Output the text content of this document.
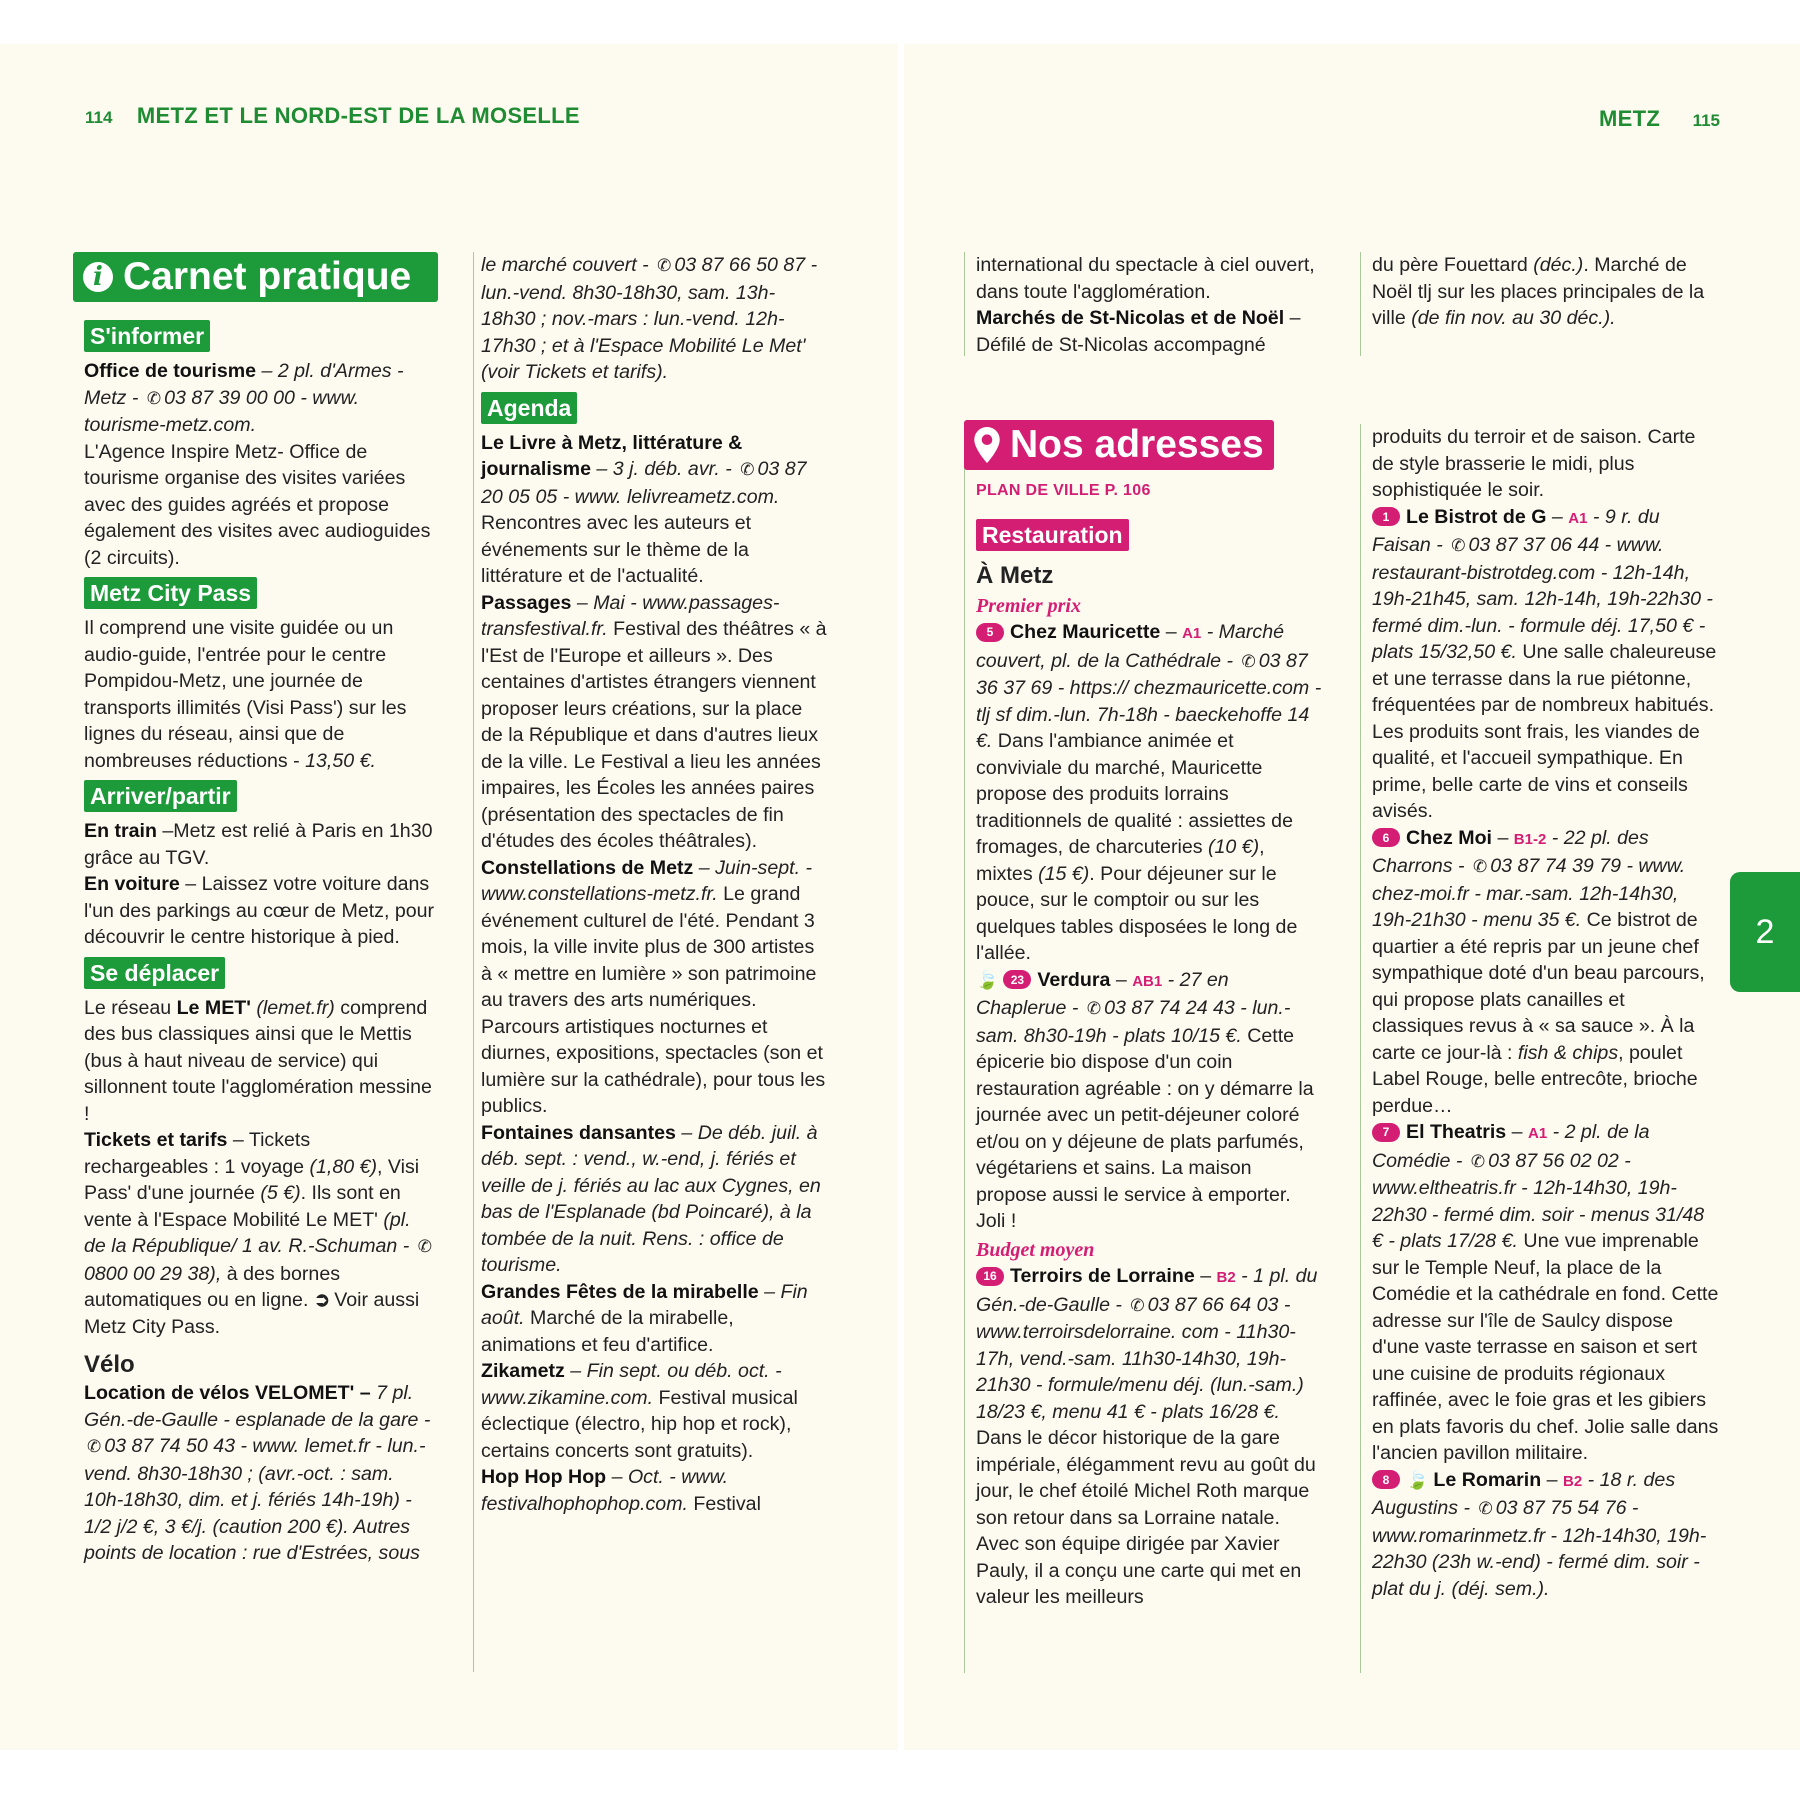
114 METZ ET LE NORD-EST DE LA MOSELLE
i Carnet pratique
S'informer

Office de tourisme – 2 pl. d'Armes - Metz - ✆ 03 87 39 00 00 - www. tourisme-metz.com.

L'Agence Inspire Metz- Office de tourisme organise des visites variées avec des guides agréés et propose également des visites avec audioguides (2 circuits).

Metz City Pass

Il comprend une visite guidée ou un audio-guide, l'entrée pour le centre Pompidou-Metz, une journée de transports illimités (Visi Pass') sur les lignes du réseau, ainsi que de nombreuses réductions - 13,50 €.

Arriver/partir

En train –Metz est relié à Paris en 1h30 grâce au TGV.

En voiture – Laissez votre voiture dans l'un des parkings au cœur de Metz, pour découvrir le centre historique à pied.

Se déplacer

Le réseau Le MET' (lemet.fr) comprend des bus classiques ainsi que le Mettis (bus à haut niveau de service) qui sillonnent toute l'agglomération messine !

Tickets et tarifs – Tickets rechargeables : 1 voyage (1,80 €), Visi Pass' d'une journée (5 €). Ils sont en vente à l'Espace Mobilité Le MET' (pl. de la République/ 1 av. R.-Schuman - ✆0800 00 29 38), à des bornes automatiques ou en ligne. ➲ Voir aussi Metz City Pass.

Vélo

Location de vélos VELOMET' – 7 pl. Gén.-de-Gaulle - esplanade de la gare - ✆ 03 87 74 50 43 - www. lemet.fr - lun.-vend. 8h30-18h30 ; (avr.-oct. : sam. 10h-18h30, dim. et j. fériés 14h-19h) - 1/2 j/2 €, 3 €/j. (caution 200 €). Autres points de location : rue d'Estrées, sous

le marché couvert - ✆ 03 87 66 50 87 - lun.-vend. 8h30-18h30, sam. 13h-18h30 ; nov.-mars : lun.-vend. 12h-17h30 ; et à l'Espace Mobilité Le Met' (voir Tickets et tarifs).

Agenda

Le Livre à Metz, littérature & journalisme – 3 j. déb. avr. - ✆ 03 87 20 05 05 - www. lelivreametz.com. Rencontres avec les auteurs et événements sur le thème de la littérature et de l'actualité.

Passages – Mai - www.passages-transfestival.fr. Festival des théâtres « à l'Est de l'Europe et ailleurs ». Des centaines d'artistes étrangers viennent proposer leurs créations, sur la place de la République et dans d'autres lieux de la ville. Le Festival a lieu les années impaires, les Écoles les années paires (présentation des spectacles de fin d'études des écoles théâtrales).

Constellations de Metz – Juin-sept. - www.constellations-metz.fr. Le grand événement culturel de l'été. Pendant 3 mois, la ville invite plus de 300 artistes à « mettre en lumière » son patrimoine au travers des arts numériques. Parcours artistiques nocturnes et diurnes, expositions, spectacles (son et lumière sur la cathédrale), pour tous les publics.

Fontaines dansantes – De déb. juil. à déb. sept. : vend., w.-end, j. fériés et veille de j. fériés au lac aux Cygnes, en bas de l'Esplanade (bd Poincaré), à la tombée de la nuit. Rens. : office de tourisme.

Grandes Fêtes de la mirabelle – Fin août. Marché de la mirabelle, animations et feu d'artifice.

Zikametz – Fin sept. ou déb. oct. - www.zikamine.com. Festival musical éclectique (électro, hip hop et rock), certains concerts sont gratuits).

Hop Hop Hop – Oct. - www. festivalhophophop.com. Festival

METZ 115

international du spectacle à ciel ouvert, dans toute l'agglomération.

Marchés de St-Nicolas et de Noël – Défilé de St-Nicolas accompagné

du père Fouettard (déc.). Marché de Noël tlj sur les places principales de la ville (de fin nov. au 30 déc.).

Nos adresses
PLAN DE VILLE P. 106
Restauration
À Metz
Premier prix

5 Chez Mauricette – A1 - Marché couvert, pl. de la Cathédrale - ✆ 03 87 36 37 69 - https:// chezmauricette.com - tlj sf dim.-lun. 7h-18h - baeckehoffe 14 €. Dans l'ambiance animée et conviviale du marché, Mauricette propose des produits lorrains traditionnels de qualité : assiettes de fromages, de charcuteries (10 €), mixtes (15 €). Pour déjeuner sur le pouce, sur le comptoir ou sur les quelques tables disposées le long de l'allée.

🍃 23 Verdura – AB1 - 27 en Chaplerue - ✆ 03 87 74 24 43 - lun.-sam. 8h30-19h - plats 10/15 €. Cette épicerie bio dispose d'un coin restauration agréable : on y démarre la journée avec un petit-déjeuner coloré et/ou on y déjeune de plats parfumés, végétariens et sains. La maison propose aussi le service à emporter. Joli !

Budget moyen

16 Terroirs de Lorraine – B2 - 1 pl. du Gén.-de-Gaulle - ✆ 03 87 66 64 03 - www.terroirsdelorraine. com - 11h30-17h, vend.-sam. 11h30-14h30, 19h-21h30 - formule/menu déj. (lun.-sam.) 18/23 €, menu 41 € - plats 16/28 €. Dans le décor historique de la gare impériale, élégamment revu au goût du jour, le chef étoilé Michel Roth marque son retour dans sa Lorraine natale. Avec son équipe dirigée par Xavier Pauly, il a conçu une carte qui met en valeur les meilleurs

produits du terroir et de saison. Carte de style brasserie le midi, plus sophistiquée le soir.

1 Le Bistrot de G – A1 - 9 r. du Faisan - ✆ 03 87 37 06 44 - www. restaurant-bistrotdeg.com - 12h-14h, 19h-21h45, sam. 12h-14h, 19h-22h30 - fermé dim.-lun. - formule déj. 17,50 € - plats 15/32,50 €. Une salle chaleureuse et une terrasse dans la rue piétonne, fréquentées par de nombreux habitués. Les produits sont frais, les viandes de qualité, et l'accueil sympathique. En prime, belle carte de vins et conseils avisés.

6 Chez Moi – B1-2 - 22 pl. des Charrons - ✆ 03 87 74 39 79 - www. chez-moi.fr - mar.-sam. 12h-14h30, 19h-21h30 - menu 35 €. Ce bistrot de quartier a été repris par un jeune chef sympathique doté d'un beau parcours, qui propose plats canailles et classiques revus à « sa sauce ». À la carte ce jour-là : fish & chips, poulet Label Rouge, belle entrecôte, brioche perdue…

7 El Theatris – A1 - 2 pl. de la Comédie - ✆ 03 87 56 02 02 - www.eltheatris.fr - 12h-14h30, 19h-22h30 - fermé dim. soir - menus 31/48 € - plats 17/28 €. Une vue imprenable sur le Temple Neuf, la place de la Comédie et la cathédrale en fond. Cette adresse sur l'île de Saulcy dispose d'une vaste terrasse en saison et sert une cuisine de produits régionaux raffinée, avec le foie gras et les gibiers en plats favoris du chef. Jolie salle dans l'ancien pavillon militaire.

8 🍃 Le Romarin – B2 - 18 r. des Augustins - ✆ 03 87 75 54 76 - www.romarinmetz.fr - 12h-14h30, 19h-22h30 (23h w.-end) - fermé dim. soir - plat du j. (déj. sem.).

2
